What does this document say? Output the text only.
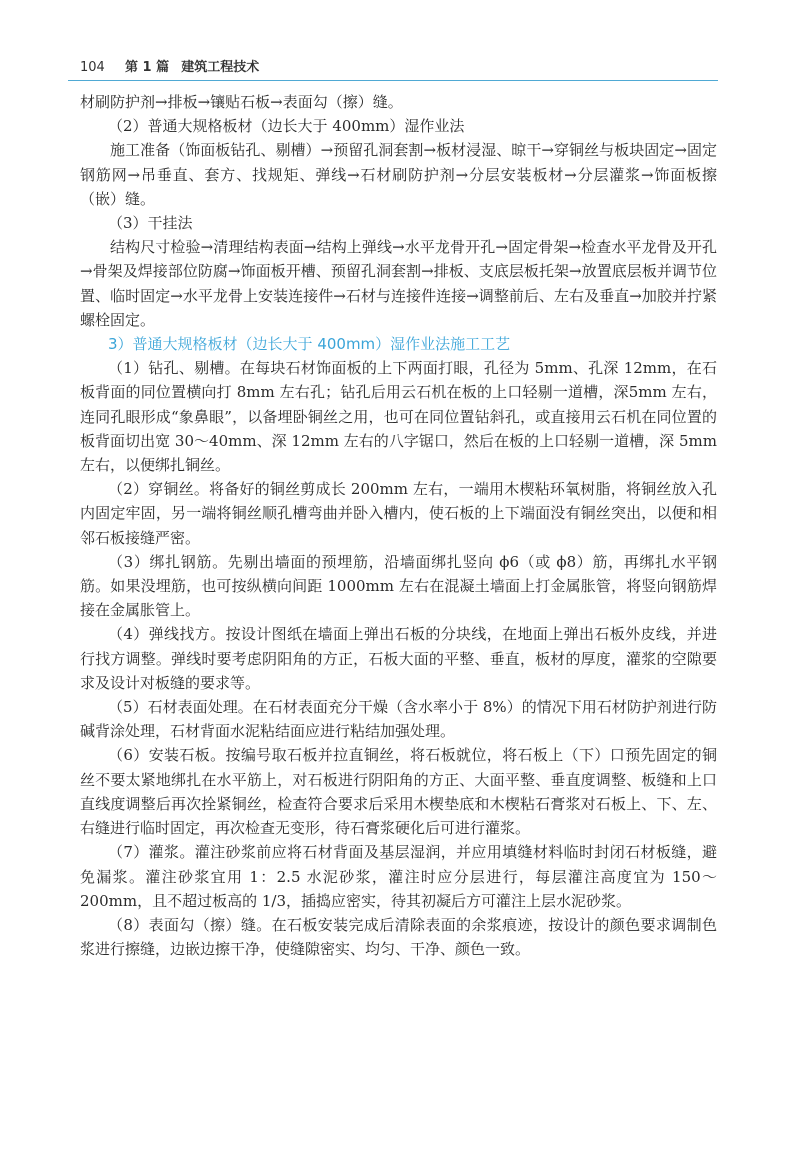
104 第 1 篇 建筑工程技术

材刷防护剂→排板→镶贴石板→表面勾（擦）缝。

（2）普通大规格板材（边长大于 400mm）湿作业法

施工准备（饰面板钻孔、剔槽）→预留孔洞套割→板材浸湿、晾干→穿铜丝与板块固定→固定钢筋网→吊垂直、套方、找规矩、弹线→石材刷防护剂→分层安装板材→分层灌浆→饰面板擦（嵌）缝。

（3）干挂法

结构尺寸检验→清理结构表面→结构上弹线→水平龙骨开孔→固定骨架→检查水平龙骨及开孔→骨架及焊接部位防腐→饰面板开槽、预留孔洞套割→排板、支底层板托架→放置底层板并调节位置、临时固定→水平龙骨上安装连接件→石材与连接件连接→调整前后、左右及垂直→加胶并拧紧螺栓固定。

3）普通大规格板材（边长大于 400mm）湿作业法施工工艺

（1）钻孔、剔槽。在每块石材饰面板的上下两面打眼，孔径为 5mm、孔深 12mm，在石板背面的同位置横向打 8mm 左右孔；钻孔后用云石机在板的上口轻剔一道槽，深5mm 左右，连同孔眼形成“象鼻眼”，以备埋卧铜丝之用，也可在同位置钻斜孔，或直接用云石机在同位置的板背面切出宽 30～40mm、深 12mm 左右的八字锯口，然后在板的上口轻剔一道槽，深 5mm 左右，以便绑扎铜丝。

（2）穿铜丝。将备好的铜丝剪成长 200mm 左右，一端用木楔粘环氧树脂，将铜丝放入孔内固定牢固，另一端将铜丝顺孔槽弯曲并卧入槽内，使石板的上下端面没有铜丝突出，以便和相邻石板接缝严密。

（3）绑扎钢筋。先剔出墙面的预埋筋，沿墙面绑扎竖向 ϕ6（或 ϕ8）筋，再绑扎水平钢筋。如果没埋筋，也可按纵横向间距 1000mm 左右在混凝土墙面上打金属胀管，将竖向钢筋焊接在金属胀管上。

（4）弹线找方。按设计图纸在墙面上弹出石板的分块线，在地面上弹出石板外皮线，并进行找方调整。弹线时要考虑阴阳角的方正，石板大面的平整、垂直，板材的厚度，灌浆的空隙要求及设计对板缝的要求等。

（5）石材表面处理。在石材表面充分干燥（含水率小于 8%）的情况下用石材防护剂进行防碱背涂处理，石材背面水泥粘结面应进行粘结加强处理。

（6）安装石板。按编号取石板并拉直铜丝，将石板就位，将石板上（下）口预先固定的铜丝不要太紧地绑扎在水平筋上，对石板进行阴阳角的方正、大面平整、垂直度调整、板缝和上口直线度调整后再次拴紧铜丝，检查符合要求后采用木楔垫底和木楔粘石膏浆对石板上、下、左、右缝进行临时固定，再次检查无变形，待石膏浆硬化后可进行灌浆。

（7）灌浆。灌注砂浆前应将石材背面及基层湿润，并应用填缝材料临时封闭石材板缝，避免漏浆。灌注砂浆宜用 1：2.5 水泥砂浆，灌注时应分层进行，每层灌注高度宜为 150～200mm，且不超过板高的 1/3，插捣应密实，待其初凝后方可灌注上层水泥砂浆。

（8）表面勾（擦）缝。在石板安装完成后清除表面的余浆痕迹，按设计的颜色要求调制色浆进行擦缝，边嵌边擦干净，使缝隙密实、均匀、干净、颜色一致。
